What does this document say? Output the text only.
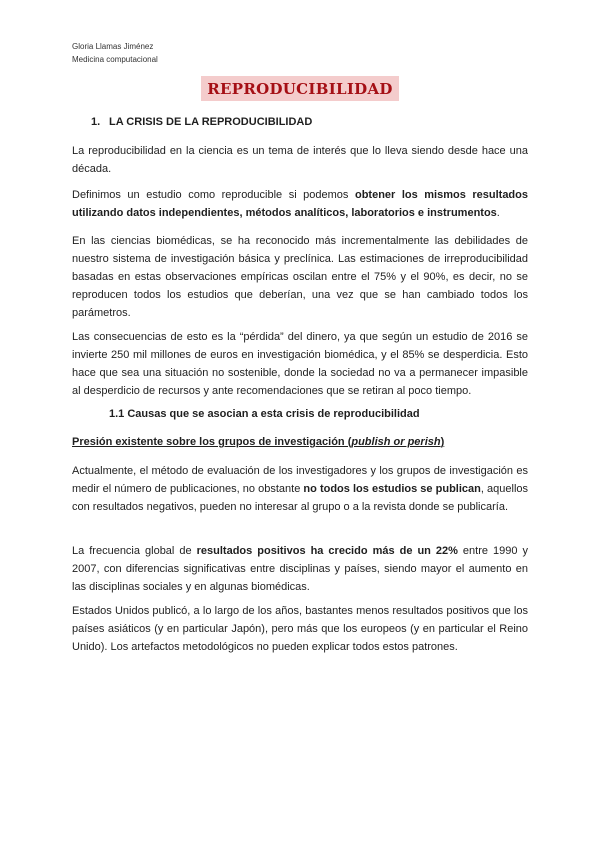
Gloria Llamas Jiménez
Medicina computacional
REPRODUCIBILIDAD
1. LA CRISIS DE LA REPRODUCIBILIDAD
La reproducibilidad en la ciencia es un tema de interés que lo lleva siendo desde hace una década.
Definimos un estudio como reproducible si podemos obtener los mismos resultados utilizando datos independientes, métodos analíticos, laboratorios e instrumentos.
En las ciencias biomédicas, se ha reconocido más incrementalmente las debilidades de nuestro sistema de investigación básica y preclínica. Las estimaciones de irreproducibilidad basadas en estas observaciones empíricas oscilan entre el 75% y el 90%, es decir, no se reproducen todos los estudios que deberían, una vez que se han cambiado todos los parámetros.
Las consecuencias de esto es la “pérdida” del dinero, ya que según un estudio de 2016 se invierte 250 mil millones de euros en investigación biomédica, y el 85% se desperdicia. Esto hace que sea una situación no sostenible, donde la sociedad no va a permanecer impasible al desperdicio de recursos y ante recomendaciones que se retiran al poco tiempo.
1.1 Causas que se asocian a esta crisis de reproducibilidad
Presión existente sobre los grupos de investigación (publish or perish)
Actualmente, el método de evaluación de los investigadores y los grupos de investigación es medir el número de publicaciones, no obstante no todos los estudios se publican, aquellos con resultados negativos, pueden no interesar al grupo o a la revista donde se publicaría.
La frecuencia global de resultados positivos ha crecido más de un 22% entre 1990 y 2007, con diferencias significativas entre disciplinas y países, siendo mayor el aumento en las disciplinas sociales y en algunas biomédicas.
Estados Unidos publicó, a lo largo de los años, bastantes menos resultados positivos que los países asiáticos (y en particular Japón), pero más que los europeos (y en particular el Reino Unido). Los artefactos metodológicos no pueden explicar todos estos patrones.
